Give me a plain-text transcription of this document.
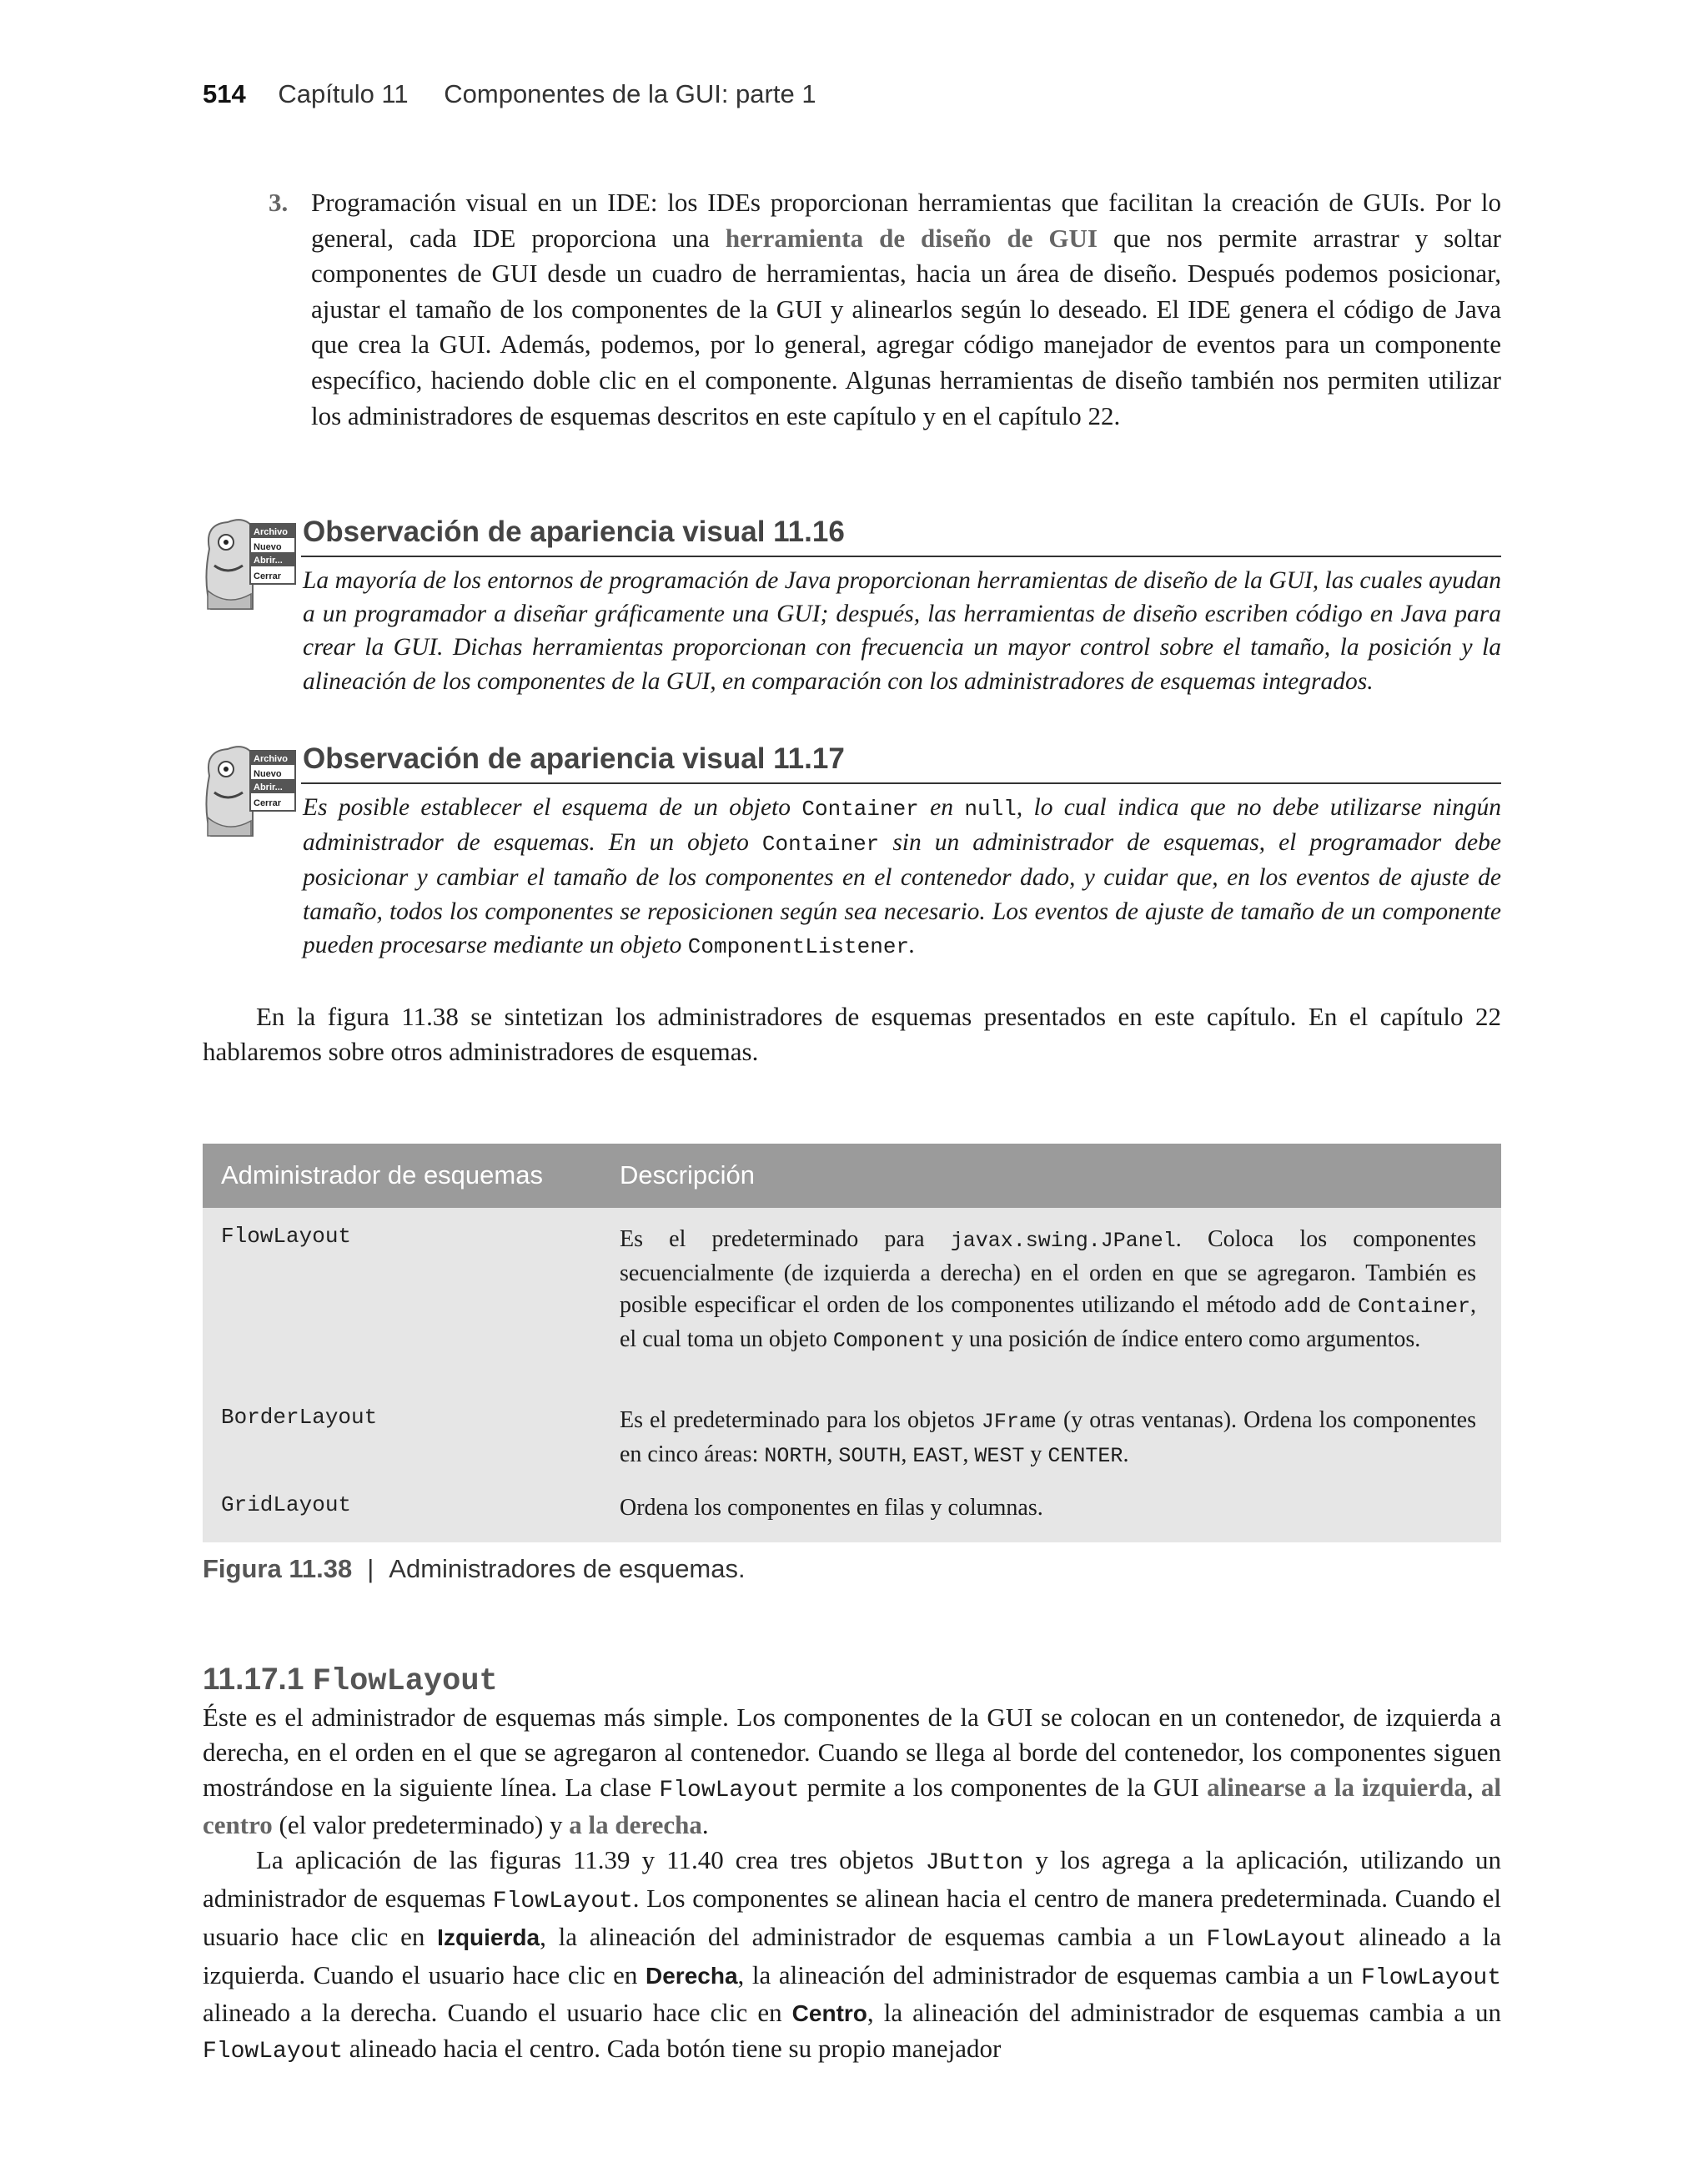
514 Capítulo 11 Componentes de la GUI: parte 1
3. Programación visual en un IDE: los IDEs proporcionan herramientas que facilitan la creación de GUIs. Por lo general, cada IDE proporciona una herramienta de diseño de GUI que nos permite arrastrar y soltar componentes de GUI desde un cuadro de herramientas, hacia un área de diseño. Después podemos posicionar, ajustar el tamaño de los componentes de la GUI y alinearlos según lo deseado. El IDE genera el código de Java que crea la GUI. Además, podemos, por lo general, agregar código manejador de eventos para un componente específico, haciendo doble clic en el componente. Algunas herramientas de diseño también nos permiten utilizar los administradores de esquemas descritos en este capítulo y en el capítulo 22.

Archivo
Nuevo
Abrir...
Cerrar
Observación de apariencia visual 11.16
La mayoría de los entornos de programación de Java proporcionan herramientas de diseño de la GUI, las cuales ayudan a un programador a diseñar gráficamente una GUI; después, las herramientas de diseño escriben código en Java para crear la GUI. Dichas herramientas proporcionan con frecuencia un mayor control sobre el tamaño, la posición y la alineación de los componentes de la GUI, en comparación con los administradores de esquemas integrados.
Archivo
Nuevo
Abrir...
Cerrar
Observación de apariencia visual 11.17
Es posible establecer el esquema de un objeto Container en null, lo cual indica que no debe utilizarse ningún administrador de esquemas. En un objeto Container sin un administrador de esquemas, el programador debe posicionar y cambiar el tamaño de los componentes en el contenedor dado, y cuidar que, en los eventos de ajuste de tamaño, todos los componentes se reposicionen según sea necesario. Los eventos de ajuste de tamaño de un componente pueden procesarse mediante un objeto ComponentListener.

En la figura 11.38 se sintetizan los administradores de esquemas presentados en este capítulo. En el capítulo 22 hablaremos sobre otros administradores de esquemas.

Administrador de esquemas	Descripción
FlowLayout	Es el predeterminado para javax.swing.JPanel. Coloca los componentes secuencialmente (de izquierda a derecha) en el orden en que se agregaron. También es posible especificar el orden de los componentes utilizando el método add de Container, el cual toma un objeto Component y una posición de índice entero como argumentos.
BorderLayout	Es el predeterminado para los objetos JFrame (y otras ventanas). Ordena los componentes en cinco áreas: NORTH, SOUTH, EAST, WEST y CENTER.
GridLayout	Ordena los componentes en filas y columnas.
Figura 11.38 | Administradores de esquemas.
11.17.1 FlowLayout

Éste es el administrador de esquemas más simple. Los componentes de la GUI se colocan en un contenedor, de izquierda a derecha, en el orden en el que se agregaron al contenedor. Cuando se llega al borde del contenedor, los componentes siguen mostrándose en la siguiente línea. La clase FlowLayout permite a los componentes de la GUI alinearse a la izquierda, al centro (el valor predeterminado) y a la derecha.

La aplicación de las figuras 11.39 y 11.40 crea tres objetos JButton y los agrega a la aplicación, utilizando un administrador de esquemas FlowLayout. Los componentes se alinean hacia el centro de manera predeterminada. Cuando el usuario hace clic en Izquierda, la alineación del administrador de esquemas cambia a un FlowLayout alineado a la izquierda. Cuando el usuario hace clic en Derecha, la alineación del administrador de esquemas cambia a un FlowLayout alineado a la derecha. Cuando el usuario hace clic en Centro, la alineación del administrador de esquemas cambia a un FlowLayout alineado hacia el centro. Cada botón tiene su propio manejador
